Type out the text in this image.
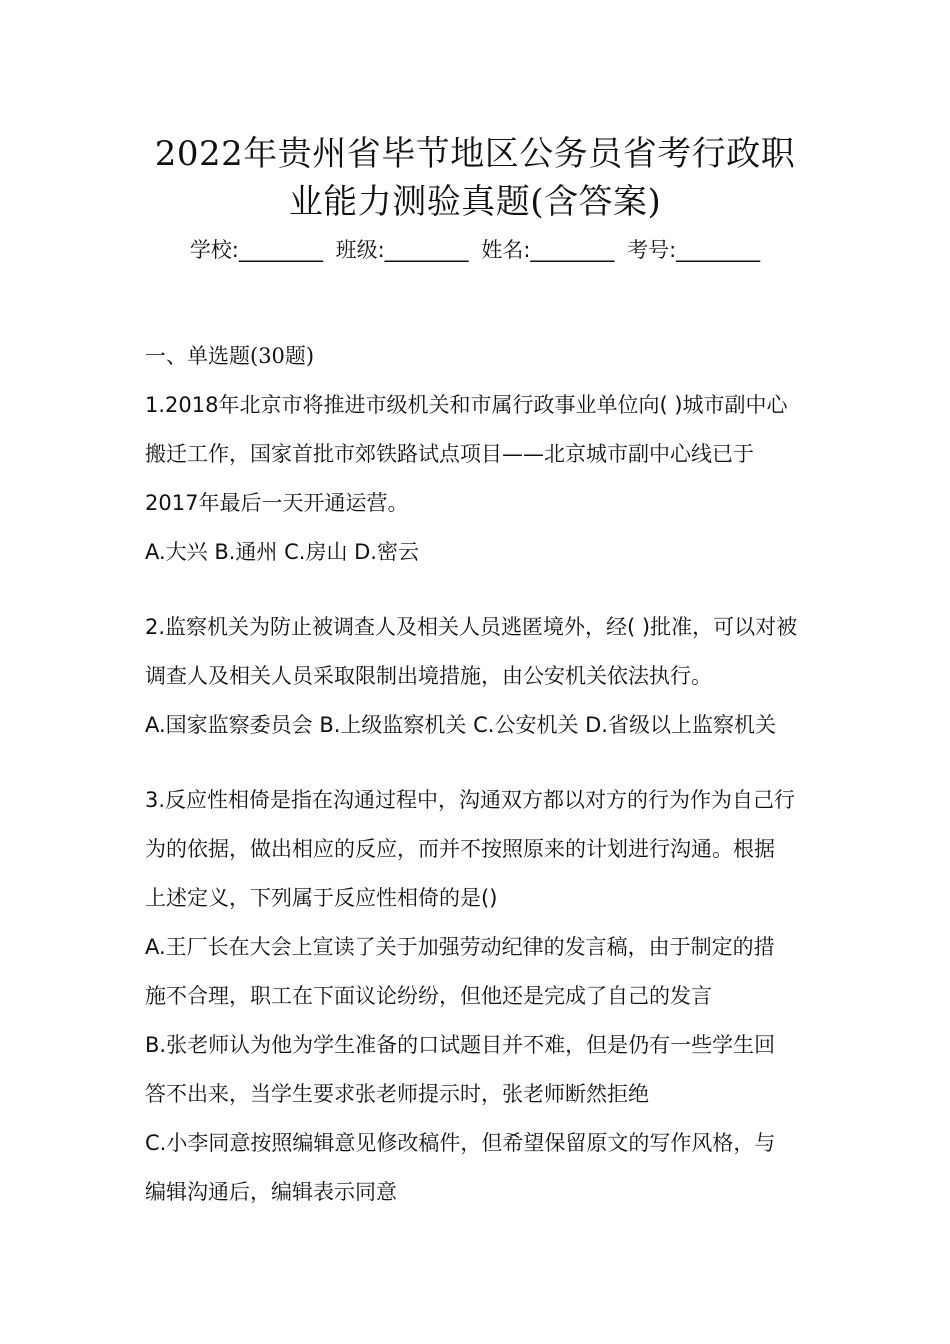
2022年贵州省毕节地区公务员省考行政职
业能力测验真题(含答案)
学校:________ 班级:________ 姓名:________ 考号:________

一、单选题(30题)

1.2018年北京市将推进市级机关和市属行政事业单位向( )城市副中心

搬迁工作，国家首批市郊铁路试点项目——北京城市副中心线已于

2017年最后一天开通运营。

A.大兴 B.通州 C.房山 D.密云

2.监察机关为防止被调查人及相关人员逃匿境外，经( )批准，可以对被

调查人及相关人员采取限制出境措施，由公安机关依法执行。

A.国家监察委员会 B.上级监察机关 C.公安机关 D.省级以上监察机关

3.反应性相倚是指在沟通过程中，沟通双方都以对方的行为作为自己行

为的依据，做出相应的反应，而并不按照原来的计划进行沟通。根据

上述定义，下列属于反应性相倚的是()

A.王厂长在大会上宣读了关于加强劳动纪律的发言稿，由于制定的措

施不合理，职工在下面议论纷纷，但他还是完成了自己的发言

B.张老师认为他为学生准备的口试题目并不难，但是仍有一些学生回

答不出来，当学生要求张老师提示时，张老师断然拒绝

C.小李同意按照编辑意见修改稿件，但希望保留原文的写作风格，与

编辑沟通后，编辑表示同意
